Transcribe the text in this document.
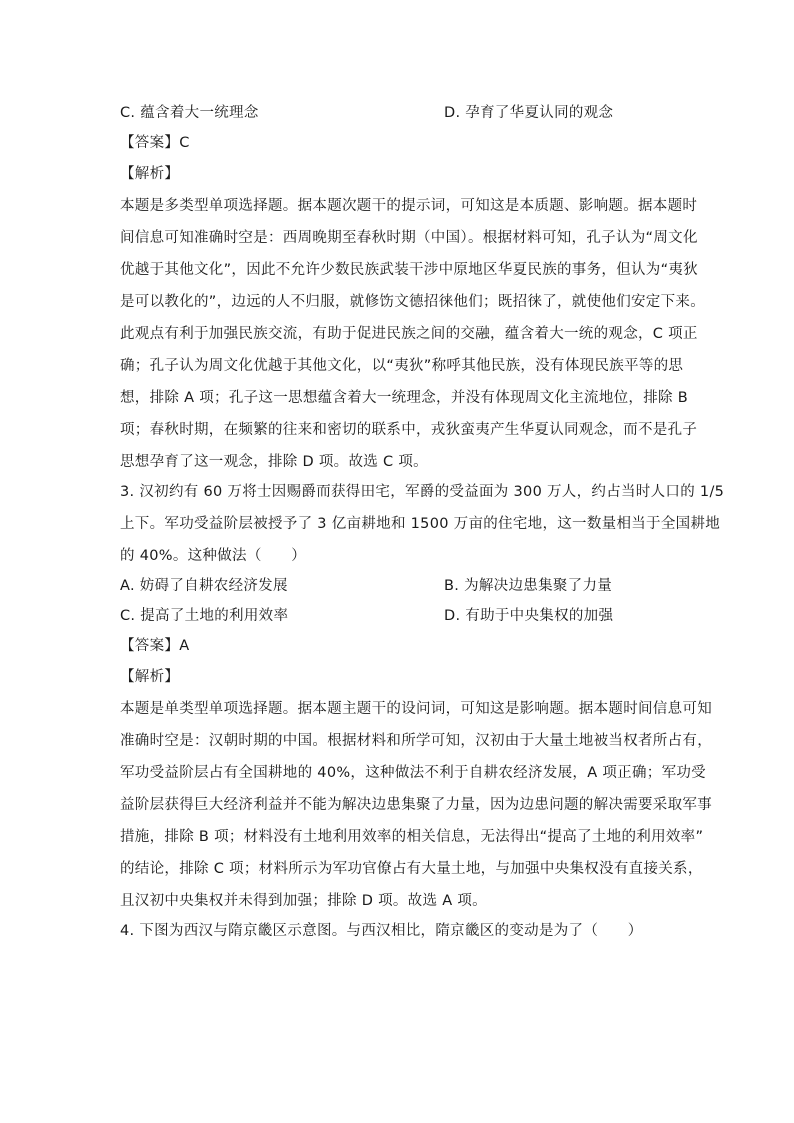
C. 蕴含着大一统理念	D. 孕育了华夏认同的观念
【答案】C
【解析】
本题是多类型单项选择题。据本题次题干的提示词，可知这是本质题、影响题。据本题时
间信息可知准确时空是：西周晚期至春秋时期（中国）。根据材料可知，孔子认为“周文化
优越于其他文化”，因此不允许少数民族武装干涉中原地区华夏民族的事务，但认为“夷狄
是可以教化的”，边远的人不归服，就修饬文德招徕他们；既招徕了，就使他们安定下来。
此观点有利于加强民族交流，有助于促进民族之间的交融，蕴含着大一统的观念，C 项正
确；孔子认为周文化优越于其他文化，以“夷狄”称呼其他民族，没有体现民族平等的思
想，排除 A 项；孔子这一思想蕴含着大一统理念，并没有体现周文化主流地位，排除 B
项；春秋时期，在频繁的往来和密切的联系中，戎狄蛮夷产生华夏认同观念，而不是孔子
思想孕育了这一观念，排除 D 项。故选 C 项。
3. 汉初约有 60 万将士因赐爵而获得田宅，军爵的受益面为 300 万人，约占当时人口的 1/5
上下。军功受益阶层被授予了 3 亿亩耕地和 1500 万亩的住宅地，这一数量相当于全国耕地
的 40%。这种做法（　　）
A. 妨碍了自耕农经济发展	B. 为解决边患集聚了力量
C. 提高了土地的利用效率	D. 有助于中央集权的加强
【答案】A
【解析】
本题是单类型单项选择题。据本题主题干的设问词，可知这是影响题。据本题时间信息可知
准确时空是：汉朝时期的中国。根据材料和所学可知，汉初由于大量土地被当权者所占有，
军功受益阶层占有全国耕地的 40%，这种做法不利于自耕农经济发展，A 项正确；军功受
益阶层获得巨大经济利益并不能为解决边患集聚了力量，因为边患问题的解决需要采取军事
措施，排除 B 项；材料没有土地利用效率的相关信息，无法得出“提高了土地的利用效率”
的结论，排除 C 项；材料所示为军功官僚占有大量土地，与加强中央集权没有直接关系，
且汉初中央集权并未得到加强；排除 D 项。故选 A 项。
4. 下图为西汉与隋京畿区示意图。与西汉相比，隋京畿区的变动是为了（　　）
